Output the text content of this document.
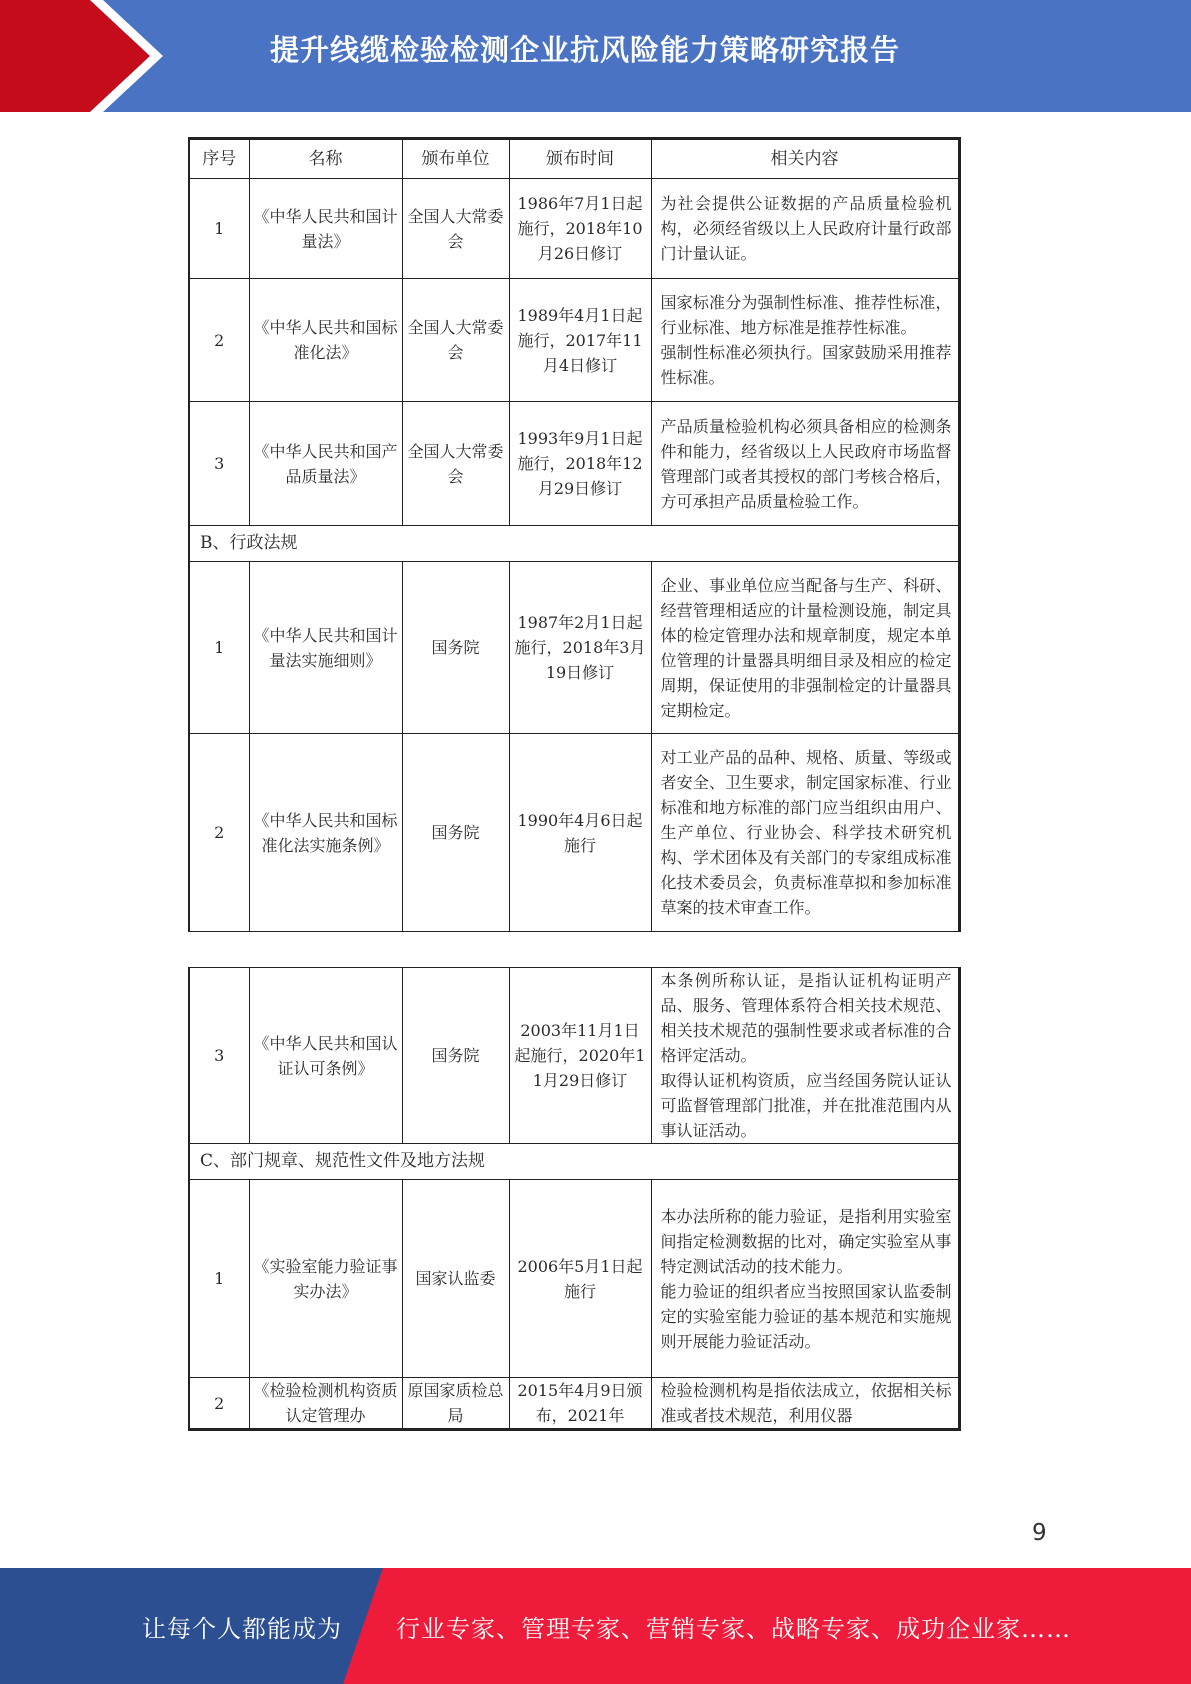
提升线缆检验检测企业抗风险能力策略研究报告
序号	名称	颁布单位	颁布时间	相关内容
1	《中华人民共和国计量法》	全国人大常委会	1986年7月1日起施行，2018年10月26日修订	为社会提供公证数据的产品质量检验机构，必须经省级以上人民政府计量行政部门计量认证。
2	《中华人民共和国标准化法》	全国人大常委会	1989年4月1日起施行，2017年11月4日修订	国家标准分为强制性标准、推荐性标准，行业标准、地方标准是推荐性标准。
强制性标准必须执行。国家鼓励采用推荐性标准。

3	《中华人民共和国产品质量法》	全国人大常委会	1993年9月1日起施行，2018年12月29日修订	产品质量检验机构必须具备相应的检测条件和能力，经省级以上人民政府市场监督管理部门或者其授权的部门考核合格后，方可承担产品质量检验工作。
B、行政法规				
1	《中华人民共和国计量法实施细则》	国务院	1987年2月1日起施行，2018年3月19日修订	企业、事业单位应当配备与生产、科研、经营管理相适应的计量检测设施，制定具体的检定管理办法和规章制度，规定本单位管理的计量器具明细目录及相应的检定周期，保证使用的非强制检定的计量器具定期检定。
2	《中华人民共和国标准化法实施条例》	国务院	1990年4月6日起施行	对工业产品的品种、规格、质量、等级或者安全、卫生要求，制定国家标准、行业标准和地方标准的部门应当组织由用户、生产单位、行业协会、科学技术研究机构、学术团体及有关部门的专家组成标准化技术委员会，负责标准草拟和参加标准草案的技术审查工作。
3	《中华人民共和国认证认可条例》	国务院	2003年11月1日起施行，2020年11月29日修订	本条例所称认证，是指认证机构证明产品、服务、管理体系符合相关技术规范、相关技术规范的强制性要求或者标准的合格评定活动。
取得认证机构资质，应当经国务院认证认可监督管理部门批准，并在批准范围内从事认证活动。

C、部门规章、规范性文件及地方法规				
1	《实验室能力验证事实办法》	国家认监委	2006年5月1日起施行	本办法所称的能力验证，是指利用实验室间指定检测数据的比对，确定实验室从事特定测试活动的技术能力。
能力验证的组织者应当按照国家认监委制定的实验室能力验证的基本规范和实施规则开展能力验证活动。

2	《检验检测机构资质认定管理办	原国家质检总局	2015年4月9日颁布，2021年	检验检测机构是指依法成立，依据相关标准或者技术规范，利用仪器
9
让每个人都能成为 行业专家、管理专家、营销专家、战略专家、成功企业家……
